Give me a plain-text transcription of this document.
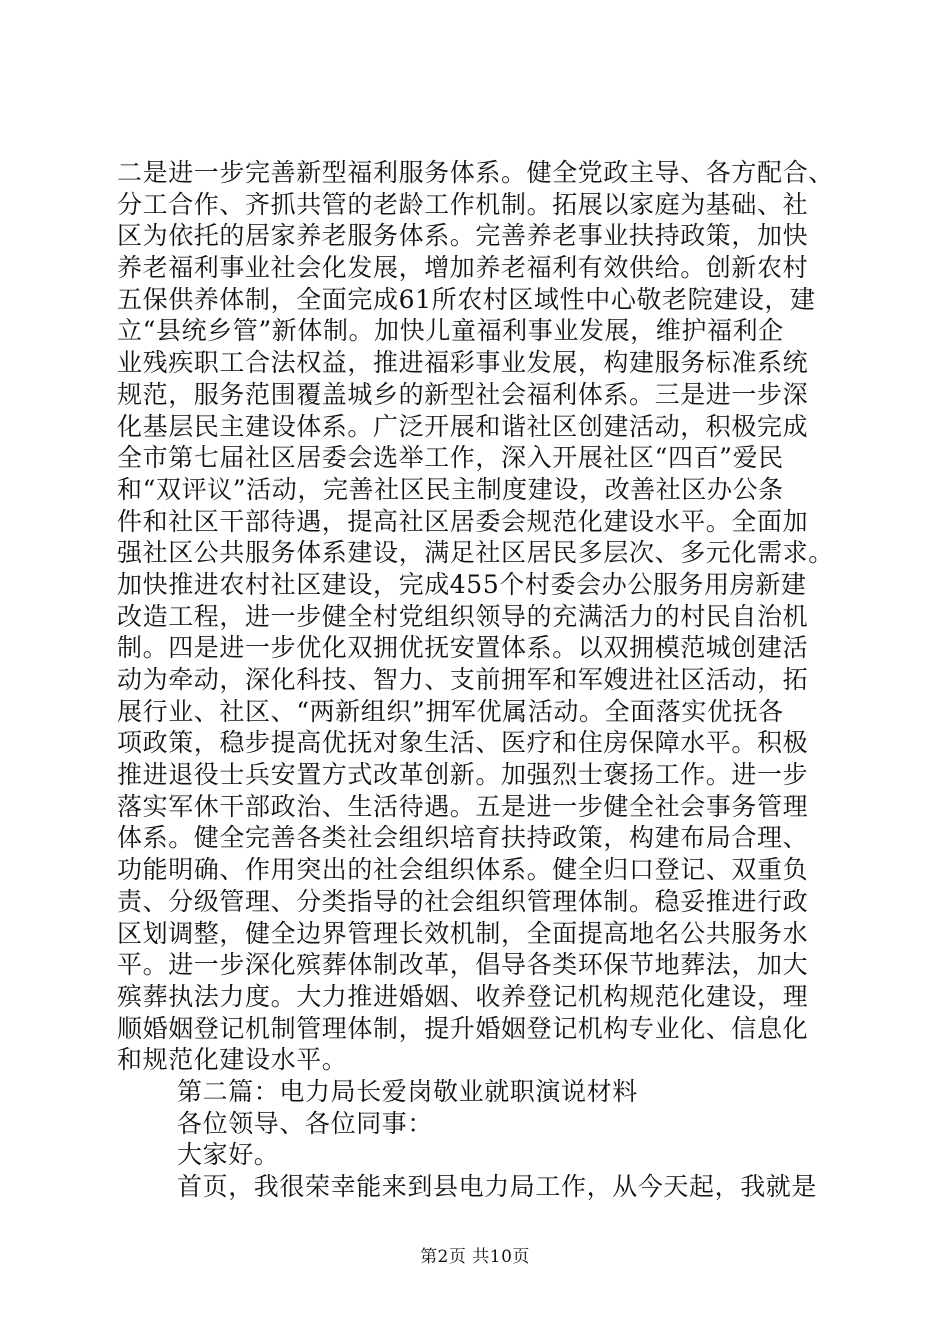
二是进一步完善新型福利服务体系。健全党政主导、各方配合、
分工合作、齐抓共管的老龄工作机制。拓展以家庭为基础、社
区为依托的居家养老服务体系。完善养老事业扶持政策，加快
养老福利事业社会化发展，增加养老福利有效供给。创新农村
五保供养体制，全面完成61所农村区域性中心敬老院建设，建
立“县统乡管”新体制。加快儿童福利事业发展，维护福利企
业残疾职工合法权益，推进福彩事业发展，构建服务标准系统
规范，服务范围覆盖城乡的新型社会福利体系。三是进一步深
化基层民主建设体系。广泛开展和谐社区创建活动，积极完成
全市第七届社区居委会选举工作，深入开展社区“四百”爱民
和“双评议”活动，完善社区民主制度建设，改善社区办公条
件和社区干部待遇，提高社区居委会规范化建设水平。全面加
强社区公共服务体系建设，满足社区居民多层次、多元化需求。
加快推进农村社区建设，完成455个村委会办公服务用房新建
改造工程，进一步健全村党组织领导的充满活力的村民自治机
制。四是进一步优化双拥优抚安置体系。以双拥模范城创建活
动为牵动，深化科技、智力、支前拥军和军嫂进社区活动，拓
展行业、社区、“两新组织”拥军优属活动。全面落实优抚各
项政策，稳步提高优抚对象生活、医疗和住房保障水平。积极
推进退役士兵安置方式改革创新。加强烈士褒扬工作。进一步
落实军休干部政治、生活待遇。五是进一步健全社会事务管理
体系。健全完善各类社会组织培育扶持政策，构建布局合理、
功能明确、作用突出的社会组织体系。健全归口登记、双重负
责、分级管理、分类指导的社会组织管理体制。稳妥推进行政
区划调整，健全边界管理长效机制，全面提高地名公共服务水
平。进一步深化殡葬体制改革，倡导各类环保节地葬法，加大
殡葬执法力度。大力推进婚姻、收养登记机构规范化建设，理
顺婚姻登记机制管理体制，提升婚姻登记机构专业化、信息化
和规范化建设水平。
第二篇：电力局长爱岗敬业就职演说材料
各位领导、各位同事：
大家好。
首页，我很荣幸能来到县电力局工作，从今天起，我就是
第2页 共10页
